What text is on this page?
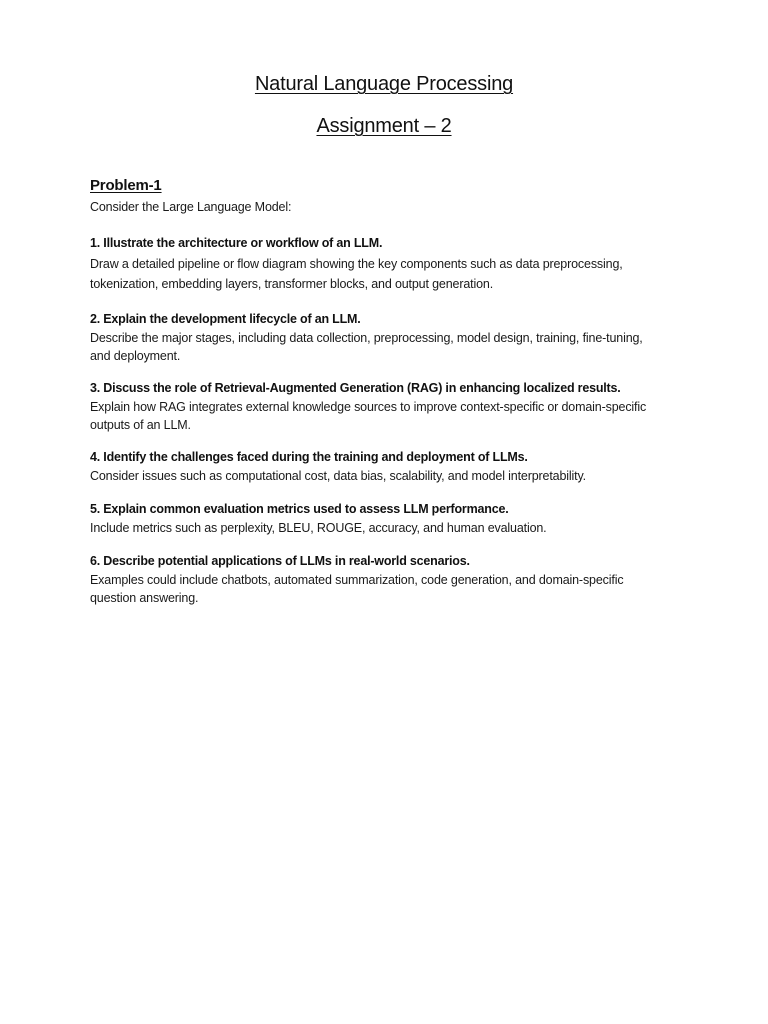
Natural Language Processing
Assignment – 2
Problem-1
Consider the Large Language Model:

1. Illustrate the architecture or workflow of an LLM.

Draw a detailed pipeline or flow diagram showing the key components such as data preprocessing,

tokenization, embedding layers, transformer blocks, and output generation.

2. Explain the development lifecycle of an LLM.

Describe the major stages, including data collection, preprocessing, model design, training, fine-tuning,

and deployment.

3. Discuss the role of Retrieval-Augmented Generation (RAG) in enhancing localized results.

Explain how RAG integrates external knowledge sources to improve context-specific or domain-specific

outputs of an LLM.

4. Identify the challenges faced during the training and deployment of LLMs.

Consider issues such as computational cost, data bias, scalability, and model interpretability.

5. Explain common evaluation metrics used to assess LLM performance.

Include metrics such as perplexity, BLEU, ROUGE, accuracy, and human evaluation.

6. Describe potential applications of LLMs in real-world scenarios.

Examples could include chatbots, automated summarization, code generation, and domain-specific

question answering.
